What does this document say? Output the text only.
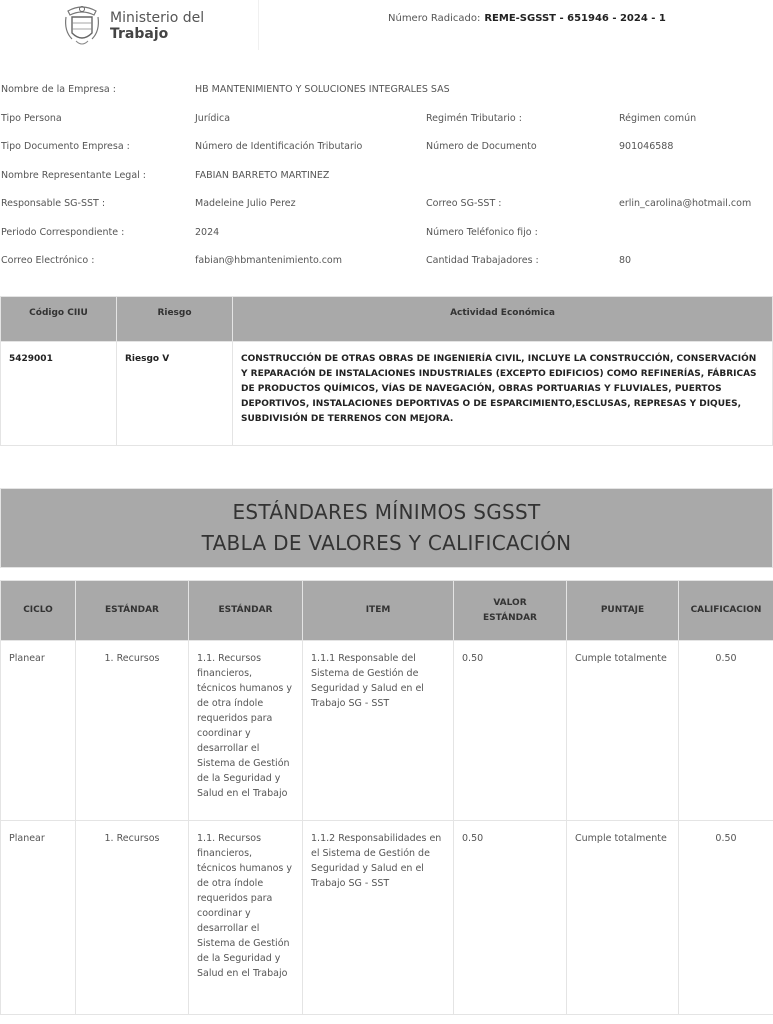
Ministerio del
Trabajo
Número Radicado: REME-SGSST - 651946 - 2024 - 1
Nombre de la Empresa :	HB MANTENIMIENTO Y SOLUCIONES INTEGRALES SAS
Tipo Persona	Jurídica	Regimén Tributario :	Régimen común
Tipo Documento Empresa :	Número de Identificación Tributario	Número de Documento	901046588
Nombre Representante Legal :	FABIAN BARRETO MARTINEZ
Responsable SG-SST :	Madeleine Julio Perez	Correo SG-SST :	erlin_carolina@hotmail.com
Periodo Correspondiente :	2024	Número Teléfonico fijo :
Correo Electrónico :	fabian@hbmantenimiento.com	Cantidad Trabajadores :	80
Código CIIU	Riesgo	Actividad Económica
5429001	Riesgo V	CONSTRUCCIÓN DE OTRAS OBRAS DE INGENIERÍA CIVIL, INCLUYE LA CONSTRUCCIÓN, CONSERVACIÓN Y REPARACIÓN DE INSTALACIONES INDUSTRIALES (EXCEPTO EDIFICIOS) COMO REFINERÍAS, FÁBRICAS DE PRODUCTOS QUÍMICOS, VÍAS DE NAVEGACIÓN, OBRAS PORTUARIAS Y FLUVIALES, PUERTOS DEPORTIVOS, INSTALACIONES DEPORTIVAS O DE ESPARCIMIENTO,ESCLUSAS, REPRESAS Y DIQUES, SUBDIVISIÓN DE TERRENOS CON MEJORA.
ESTÁNDARES MÍNIMOS SGSST
TABLA DE VALORES Y CALIFICACIÓN
CICLO	ESTÁNDAR	ESTÁNDAR	ITEM	VALOR ESTÁNDAR	PUNTAJE	CALIFICACION
Planear	1. Recursos	1.1. Recursos financieros, técnicos humanos y de otra índole requeridos para coordinar y desarrollar el Sistema de Gestión de la Seguridad y Salud en el Trabajo	1.1.1 Responsable del Sistema de Gestión de Seguridad y Salud en el Trabajo SG - SST	0.50	Cumple totalmente	0.50
Planear	1. Recursos	1.1. Recursos financieros, técnicos humanos y de otra índole requeridos para coordinar y desarrollar el Sistema de Gestión de la Seguridad y Salud en el Trabajo	1.1.2 Responsabilidades en el Sistema de Gestión de Seguridad y Salud en el Trabajo SG - SST	0.50	Cumple totalmente	0.50
